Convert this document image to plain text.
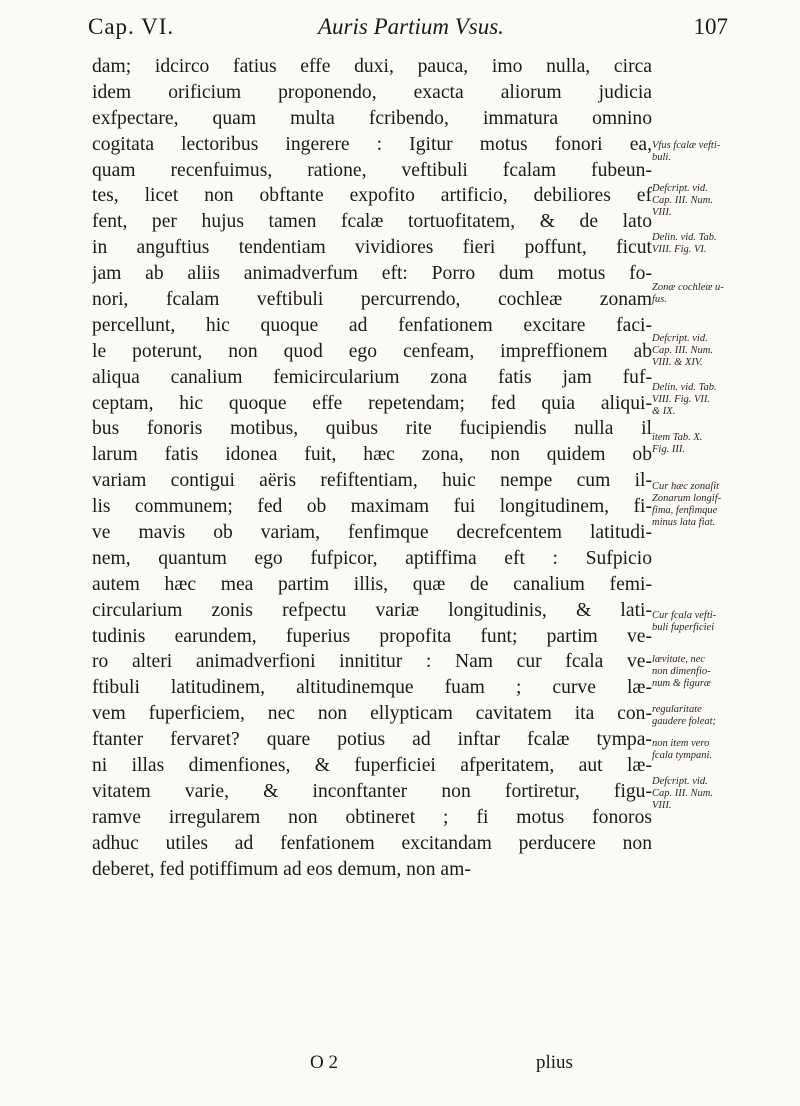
Cap. VI.	Auris Partium Vsus.	107
dam; idcirco fatius effe duxi, pauca, imo nulla, circa
idem orificium proponendo, exacta aliorum judicia
exfpectare, quam multa fcribendo, immatura omnino
cogitata lectoribus ingerere : Igitur motus fonori ea,
quam recenfuimus, ratione, veftibuli fcalam fubeun-
tes, licet non obftante expofito artificio, debiliores ef
fent, per hujus tamen fcalæ tortuofitatem, & de lato
in anguftius tendentiam vividiores fieri poffunt, ficut
jam ab aliis animadverfum eft: Porro dum motus fo-
nori, fcalam veftibuli percurrendo, cochleæ zonam
percellunt, hic quoque ad fenfationem excitare faci-
le poterunt, non quod ego cenfeam, impreffionem ab
aliqua canalium femicircularium zona fatis jam fuf-
ceptam, hic quoque effe repetendam; fed quia aliqui-
bus fonoris motibus, quibus rite fucipiendis nulla il
larum fatis idonea fuit, hæc zona, non quidem ob
variam contigui aëris refiftentiam, huic nempe cum il-
lis communem; fed ob maximam fui longitudinem, fi-
ve mavis ob variam, fenfimque decrefcentem latitudi-
nem, quantum ego fufpicor, aptiffima eft : Sufpicio
autem hæc mea partim illis, quæ de canalium femi-
circularium zonis refpectu variæ longitudinis, & lati-
tudinis earundem, fuperius propofita funt; partim ve-
ro alteri animadverfioni innititur : Nam cur fcala ve-
ftibuli latitudinem, altitudinemque fuam ; curve læ-
vem fuperficiem, nec non ellypticam cavitatem ita con-
ftanter fervaret? quare potius ad inftar fcalæ tympa-
ni illas dimenfiones, & fuperficiei afperitatem, aut læ-
vitatem varie, & inconftanter non fortiretur, figu-
ramve irregularem non obtineret ; fi motus fonoros
adhuc utiles ad fenfationem excitandam perducere non
deberet, fed potiffimum ad eos demum, non am-
Vfus fcalæ vefti-
buli.
Defcript. vid.
Cap. III. Num.
VIII.
Delin. vid. Tab.
VIII. Fig. VI.
Zonæ cochleæ u-
fus.
Defcript. vid.
Cap. III. Num.
VIII. & XIV.
Delin. vid. Tab.
VIII. Fig. VII.
& IX.
item Tab. X.
Fig. III.
Cur hæc zonaſit
Zonarum longif-
fima, fenfimque
minus lata fiat.
Cur fcala vefti-
buli fuperficiei
lævitate, nec
non dimenfio-
num & figuræ
regularitate
gaudere foleat;
non item vero
fcala tympani.
Defcript. vid.
Cap. III. Num.
VIII.
O 2	plius
